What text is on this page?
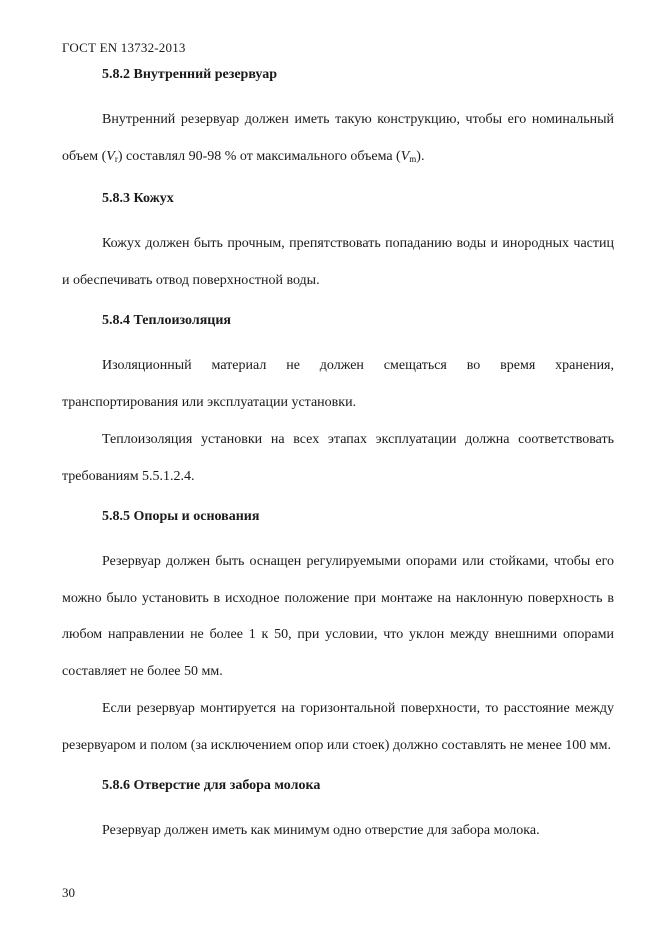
ГОСТ EN 13732-2013
5.8.2 Внутренний резервуар

Внутренний резервуар должен иметь такую конструкцию, чтобы его номинальный объем $(V_r)$ составлял 90-98 % от максимального объема $(V_m)$.

5.8.3 Кожух

Кожух должен быть прочным, препятствовать попаданию воды и инородных частиц и обеспечивать отвод поверхностной воды.

5.8.4 Теплоизоляция

Изоляционный материал не должен смещаться во время хранения, транспортирования или эксплуатации установки.

Теплоизоляция установки на всех этапах эксплуатации должна соответствовать требованиям 5.5.1.2.4.

5.8.5 Опоры и основания

Резервуар должен быть оснащен регулируемыми опорами или стойками, чтобы его можно было установить в исходное положение при монтаже на наклонную поверхность в любом направлении не более 1 к 50, при условии, что уклон между внешними опорами составляет не более 50 мм.

Если резервуар монтируется на горизонтальной поверхности, то расстояние между резервуаром и полом (за исключением опор или стоек) должно составлять не менее 100 мм.

5.8.6 Отверстие для забора молока

Резервуар должен иметь как минимум одно отверстие для забора молока.

30
